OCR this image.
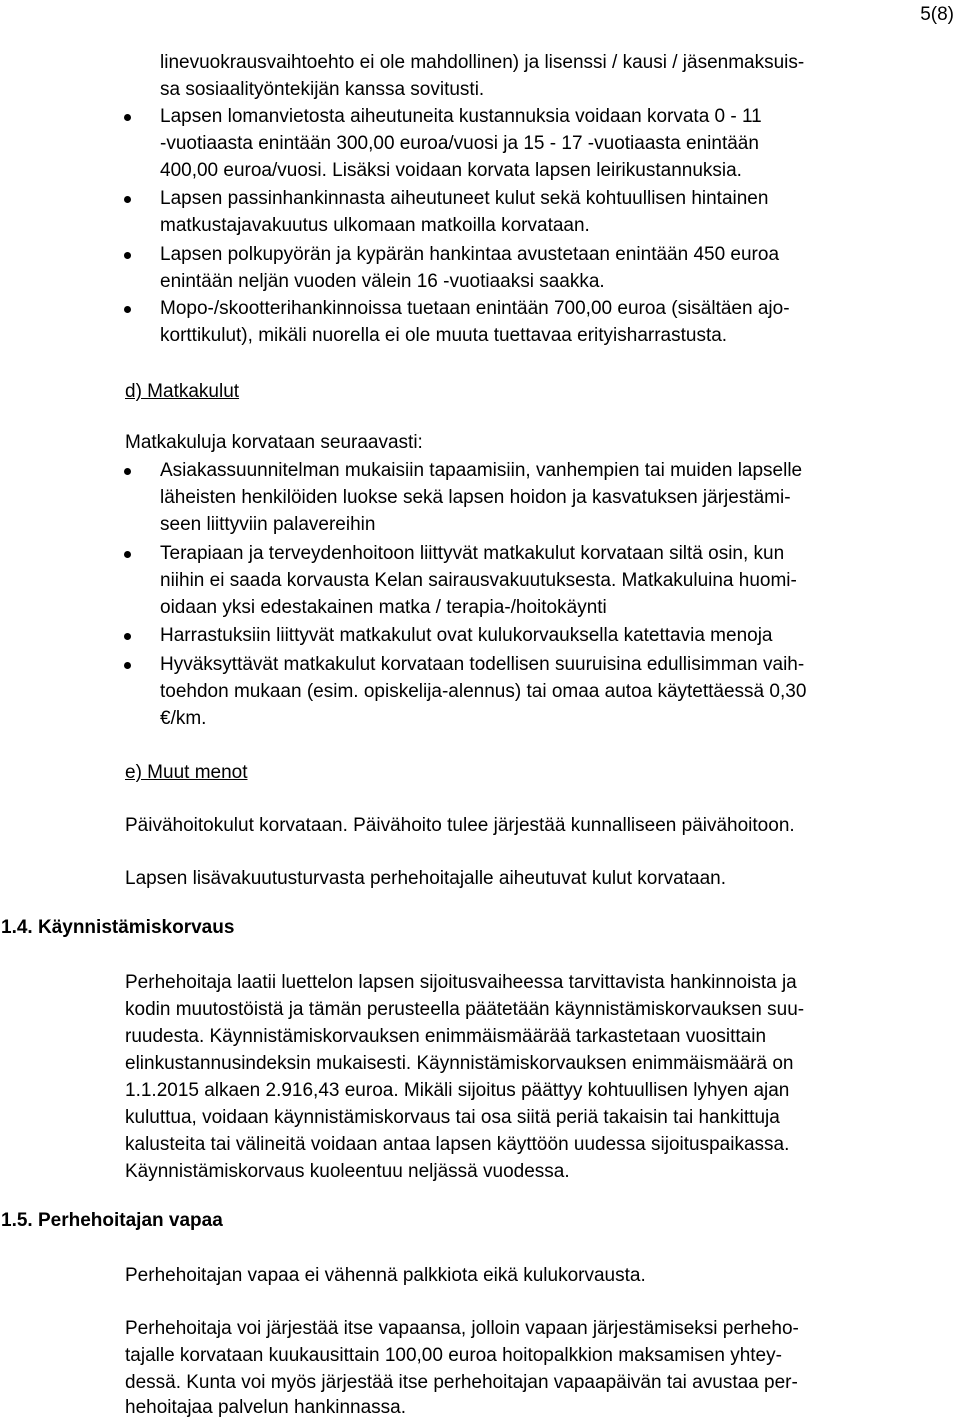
5(8)
linevuokrausvaihtoehto ei ole mahdollinen) ja lisenssi / kausi / jäsenmaksuis-
sa sosiaalityöntekijän kanssa sovitusti.
Lapsen lomanvietosta aiheutuneita kustannuksia voidaan korvata 0 - 11
-vuotiaasta enintään 300,00 euroa/vuosi ja 15 - 17 -vuotiaasta enintään
400,00 euroa/vuosi. Lisäksi voidaan korvata lapsen leirikustannuksia.
Lapsen passinhankinnasta aiheutuneet kulut sekä kohtuullisen hintainen
matkustajavakuutus ulkomaan matkoilla korvataan.
Lapsen polkupyörän ja kypärän hankintaa avustetaan enintään 450 euroa
enintään neljän vuoden välein 16 -vuotiaaksi saakka.
Mopo-/skootterihankinnoissa tuetaan enintään 700,00 euroa (sisältäen ajo-
korttikulut), mikäli nuorella ei ole muuta tuettavaa erityisharrastusta.
d) Matkakulut
Matkakuluja korvataan seuraavasti:
Asiakassuunnitelman mukaisiin tapaamisiin, vanhempien tai muiden lapselle
läheisten henkilöiden luokse sekä lapsen hoidon ja kasvatuksen järjestämi-
seen liittyviin palavereihin
Terapiaan ja terveydenhoitoon liittyvät matkakulut korvataan siltä osin, kun
niihin ei saada korvausta Kelan sairausvakuutuksesta. Matkakuluina huomi-
oidaan yksi edestakainen matka / terapia-/hoitokäynti
Harrastuksiin liittyvät matkakulut ovat kulukorvauksella katettavia menoja
Hyväksyttävät matkakulut korvataan todellisen suuruisina edullisimman vaih-
toehdon mukaan (esim. opiskelija-alennus) tai omaa autoa käytettäessä 0,30
€/km.
e) Muut menot
Päivähoitokulut korvataan. Päivähoito tulee järjestää kunnalliseen päivähoitoon.
Lapsen lisävakuutusturvasta perhehoitajalle aiheutuvat kulut korvataan.
1.4. Käynnistämiskorvaus
Perhehoitaja laatii luettelon lapsen sijoitusvaiheessa tarvittavista hankinnoista ja
kodin muutostöistä ja tämän perusteella päätetään käynnistämiskorvauksen suu-
ruudesta. Käynnistämiskorvauksen enimmäismäärää tarkastetaan vuosittain
elinkustannusindeksin mukaisesti. Käynnistämiskorvauksen enimmäismäärä on
1.1.2015 alkaen 2.916,43 euroa. Mikäli sijoitus päättyy kohtuullisen lyhyen ajan
kuluttua, voidaan käynnistämiskorvaus tai osa siitä periä takaisin tai hankittuja
kalusteita tai välineitä voidaan antaa lapsen käyttöön uudessa sijoituspaikassa.
Käynnistämiskorvaus kuoleentuu neljässä vuodessa.
1.5. Perhehoitajan vapaa
Perhehoitajan vapaa ei vähennä palkkiota eikä kulukorvausta.
Perhehoitaja voi järjestää itse vapaansa, jolloin vapaan järjestämiseksi perheho-
tajalle korvataan kuukausittain 100,00 euroa hoitopalkkion maksamisen yhtey-
dessä. Kunta voi myös järjestää itse perhehoitajan vapaapäivän tai avustaa per-
hehoitajaa palvelun hankinnassa.
